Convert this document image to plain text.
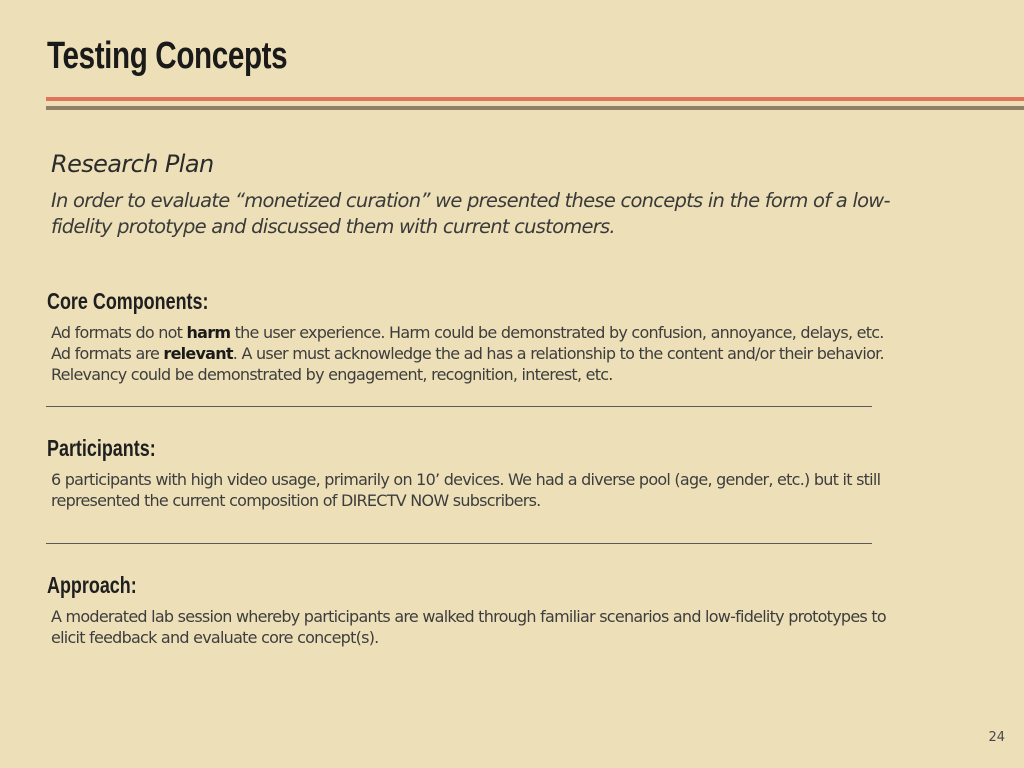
Testing Concepts
Research Plan

In order to evaluate “monetized curation” we presented these concepts in the form of a low-fidelity prototype and discussed them with current customers.

Core Components:

Ad formats do not harm the user experience. Harm could be demonstrated by confusion, annoyance, delays, etc. Ad formats are relevant. A user must acknowledge the ad has a relationship to the content and/or their behavior. Relevancy could be demonstrated by engagement, recognition, interest, etc.

Participants:

6 participants with high video usage, primarily on 10’ devices. We had a diverse pool (age, gender, etc.) but it still represented the current composition of DIRECTV NOW subscribers.

Approach:

A moderated lab session whereby participants are walked through familiar scenarios and low-fidelity prototypes to elicit feedback and evaluate core concept(s).

24
